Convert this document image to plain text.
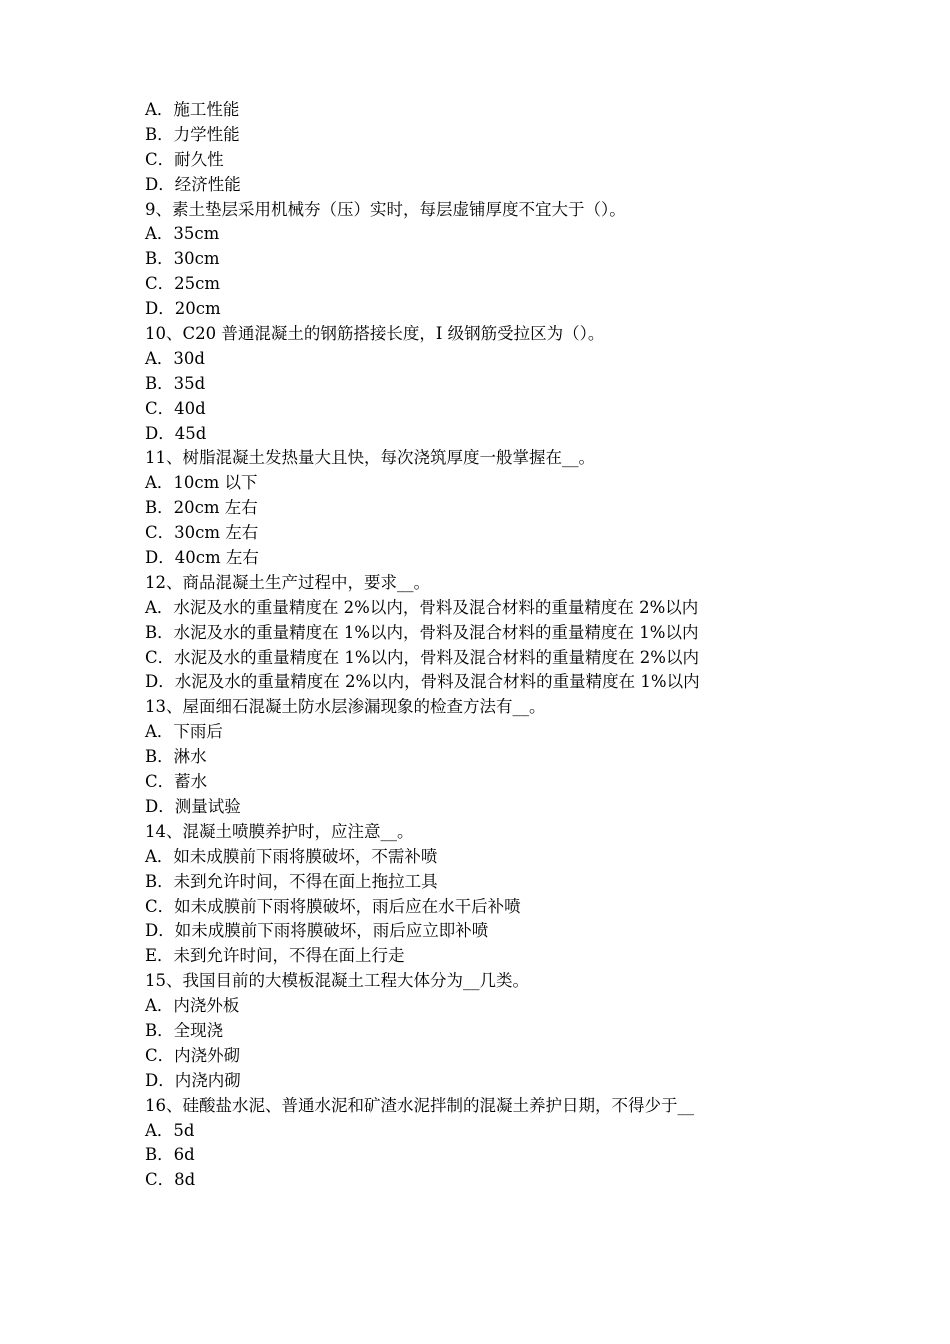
A．施工性能
B．力学性能
C．耐久性
D．经济性能
9、素土垫层采用机械夯（压）实时，每层虚铺厚度不宜大于（）。
A．35cm
B．30cm
C．25cm
D．20cm
10、C20 普通混凝土的钢筋搭接长度，I 级钢筋受拉区为（）。
A．30d
B．35d
C．40d
D．45d
11、树脂混凝土发热量大且快，每次浇筑厚度一般掌握在__。
A．10cm 以下
B．20cm 左右
C．30cm 左右
D．40cm 左右
12、商品混凝土生产过程中，要求__。
A．水泥及水的重量精度在 2%以内，骨料及混合材料的重量精度在 2%以内
B．水泥及水的重量精度在 1%以内，骨料及混合材料的重量精度在 1%以内
C．水泥及水的重量精度在 1%以内，骨料及混合材料的重量精度在 2%以内
D．水泥及水的重量精度在 2%以内，骨料及混合材料的重量精度在 1%以内
13、屋面细石混凝土防水层渗漏现象的检查方法有__。
A．下雨后
B．淋水
C．蓄水
D．测量试验
14、混凝土喷膜养护时，应注意__。
A．如未成膜前下雨将膜破坏，不需补喷
B．未到允许时间，不得在面上拖拉工具
C．如未成膜前下雨将膜破坏，雨后应在水干后补喷
D．如未成膜前下雨将膜破坏，雨后应立即补喷
E．未到允许时间，不得在面上行走
15、我国目前的大模板混凝土工程大体分为__几类。
A．内浇外板
B．全现浇
C．内浇外砌
D．内浇内砌
16、硅酸盐水泥、普通水泥和矿渣水泥拌制的混凝土养护日期，不得少于__
A．5d
B．6d
C．8d
